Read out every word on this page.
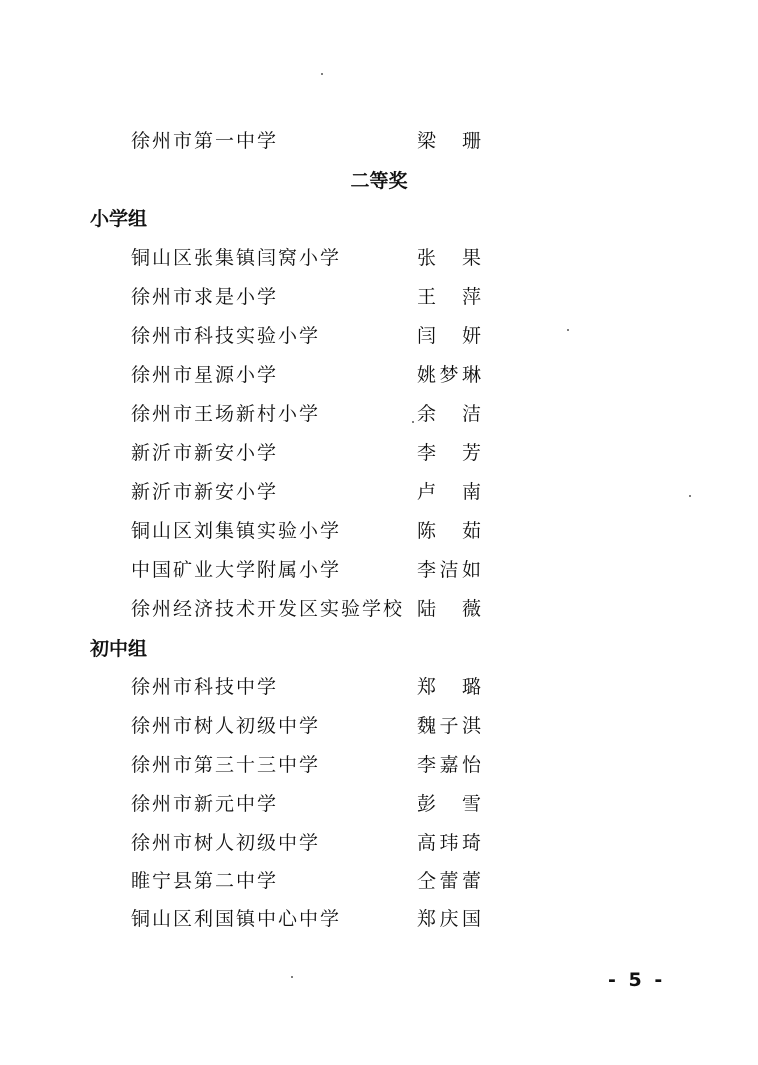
徐州市第一中学	梁 珊
二等奖
小学组
铜山区张集镇闫窝小学	张 果
徐州市求是小学	王 萍
徐州市科技实验小学	闫 妍
徐州市星源小学	姚梦琳
徐州市王场新村小学	余 洁
新沂市新安小学	李 芳
新沂市新安小学	卢 南
铜山区刘集镇实验小学	陈 茹
中国矿业大学附属小学	李洁如
徐州经济技术开发区实验学校 陆 薇
初中组
徐州市科技中学	郑 璐
徐州市树人初级中学	魏子淇
徐州市第三十三中学	李嘉怡
徐州市新元中学	彭 雪
徐州市树人初级中学	高玮琦
睢宁县第二中学	仝蕾蕾
铜山区利国镇中心中学	郑庆国
- 5 -
